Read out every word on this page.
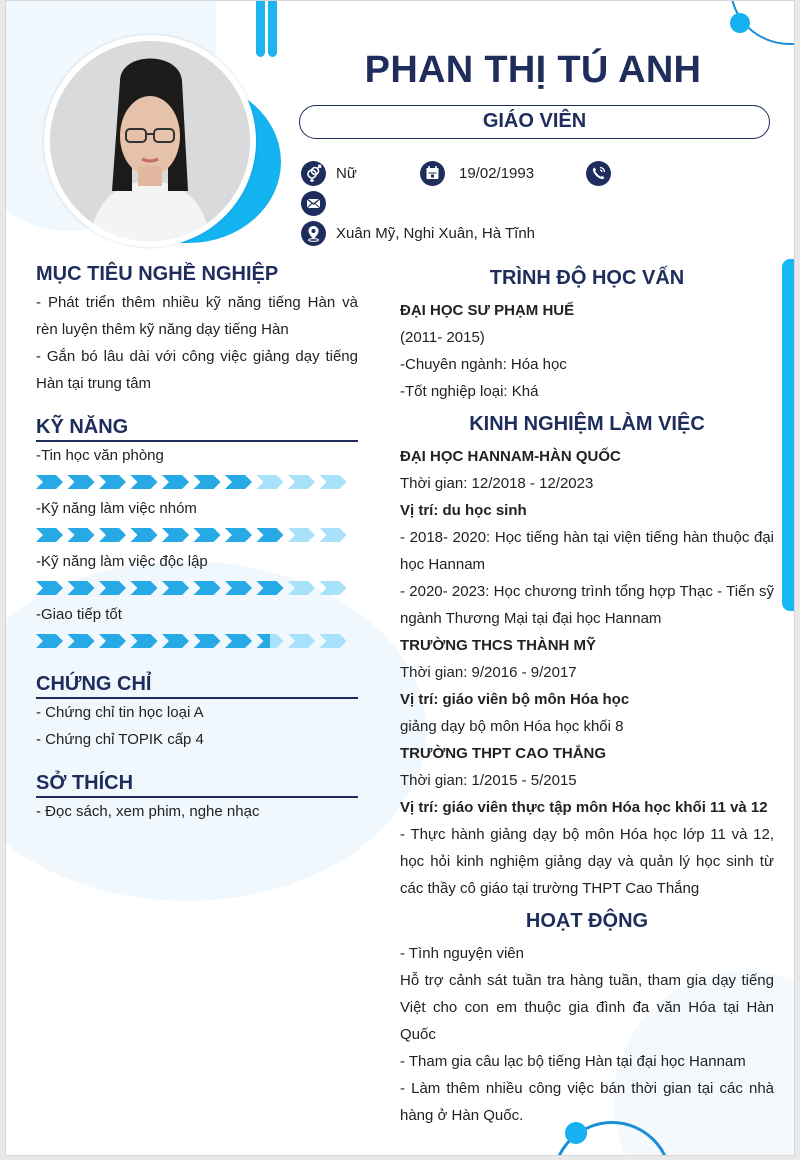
PHAN THỊ TÚ ANH
GIÁO VIÊN
Nữ	19/02/1993
Xuân Mỹ, Nghi Xuân, Hà Tĩnh
MỤC TIÊU NGHỀ NGHIỆP

- Phát triển thêm nhiều kỹ năng tiếng Hàn và rèn luyện thêm kỹ năng dạy tiếng Hàn

- Gắn bó lâu dài với công việc giảng dạy tiếng Hàn tại trung tâm

KỸ NĂNG
-Tin học văn phòng
-Kỹ năng làm việc nhóm
-Kỹ năng làm việc độc lập
-Giao tiếp tốt
CHỨNG CHỈ

- Chứng chỉ tin học loại A

- Chứng chỉ TOPIK cấp 4

SỞ THÍCH

- Đọc sách, xem phim, nghe nhạc

TRÌNH ĐỘ HỌC VẤN

ĐẠI HỌC SƯ PHẠM HUẾ

(2011- 2015)

-Chuyên ngành: Hóa học

-Tốt nghiệp loại: Khá

KINH NGHIỆM LÀM VIỆC

ĐẠI HỌC HANNAM-HÀN QUỐC

Thời gian: 12/2018 - 12/2023

Vị trí: du học sinh

- 2018- 2020: Học tiếng hàn tại viện tiếng hàn thuộc đại học Hannam

- 2020- 2023: Học chương trình tổng hợp Thạc - Tiến sỹ ngành Thương Mại tại đại học Hannam

TRƯỜNG THCS THÀNH MỸ

Thời gian: 9/2016 - 9/2017

Vị trí: giáo viên bộ môn Hóa học

giảng dạy bộ môn Hóa học khối 8

TRƯỜNG THPT CAO THẮNG

Thời gian: 1/2015 - 5/2015

Vị trí: giáo viên thực tập môn Hóa học khối 11 và 12

- Thực hành giảng dạy bộ môn Hóa học lớp 11 và 12, học hỏi kinh nghiệm giảng dạy và quản lý học sinh từ các thầy cô giáo tại trường THPT Cao Thắng

HOẠT ĐỘNG

- Tình nguyện viên

Hỗ trợ cảnh sát tuần tra hàng tuần, tham gia dạy tiếng Việt cho con em thuộc gia đình đa văn Hóa tại Hàn Quốc

- Tham gia câu lạc bộ tiếng Hàn tại đại học Hannam

- Làm thêm nhiều công việc bán thời gian tại các nhà hàng ở Hàn Quốc.
